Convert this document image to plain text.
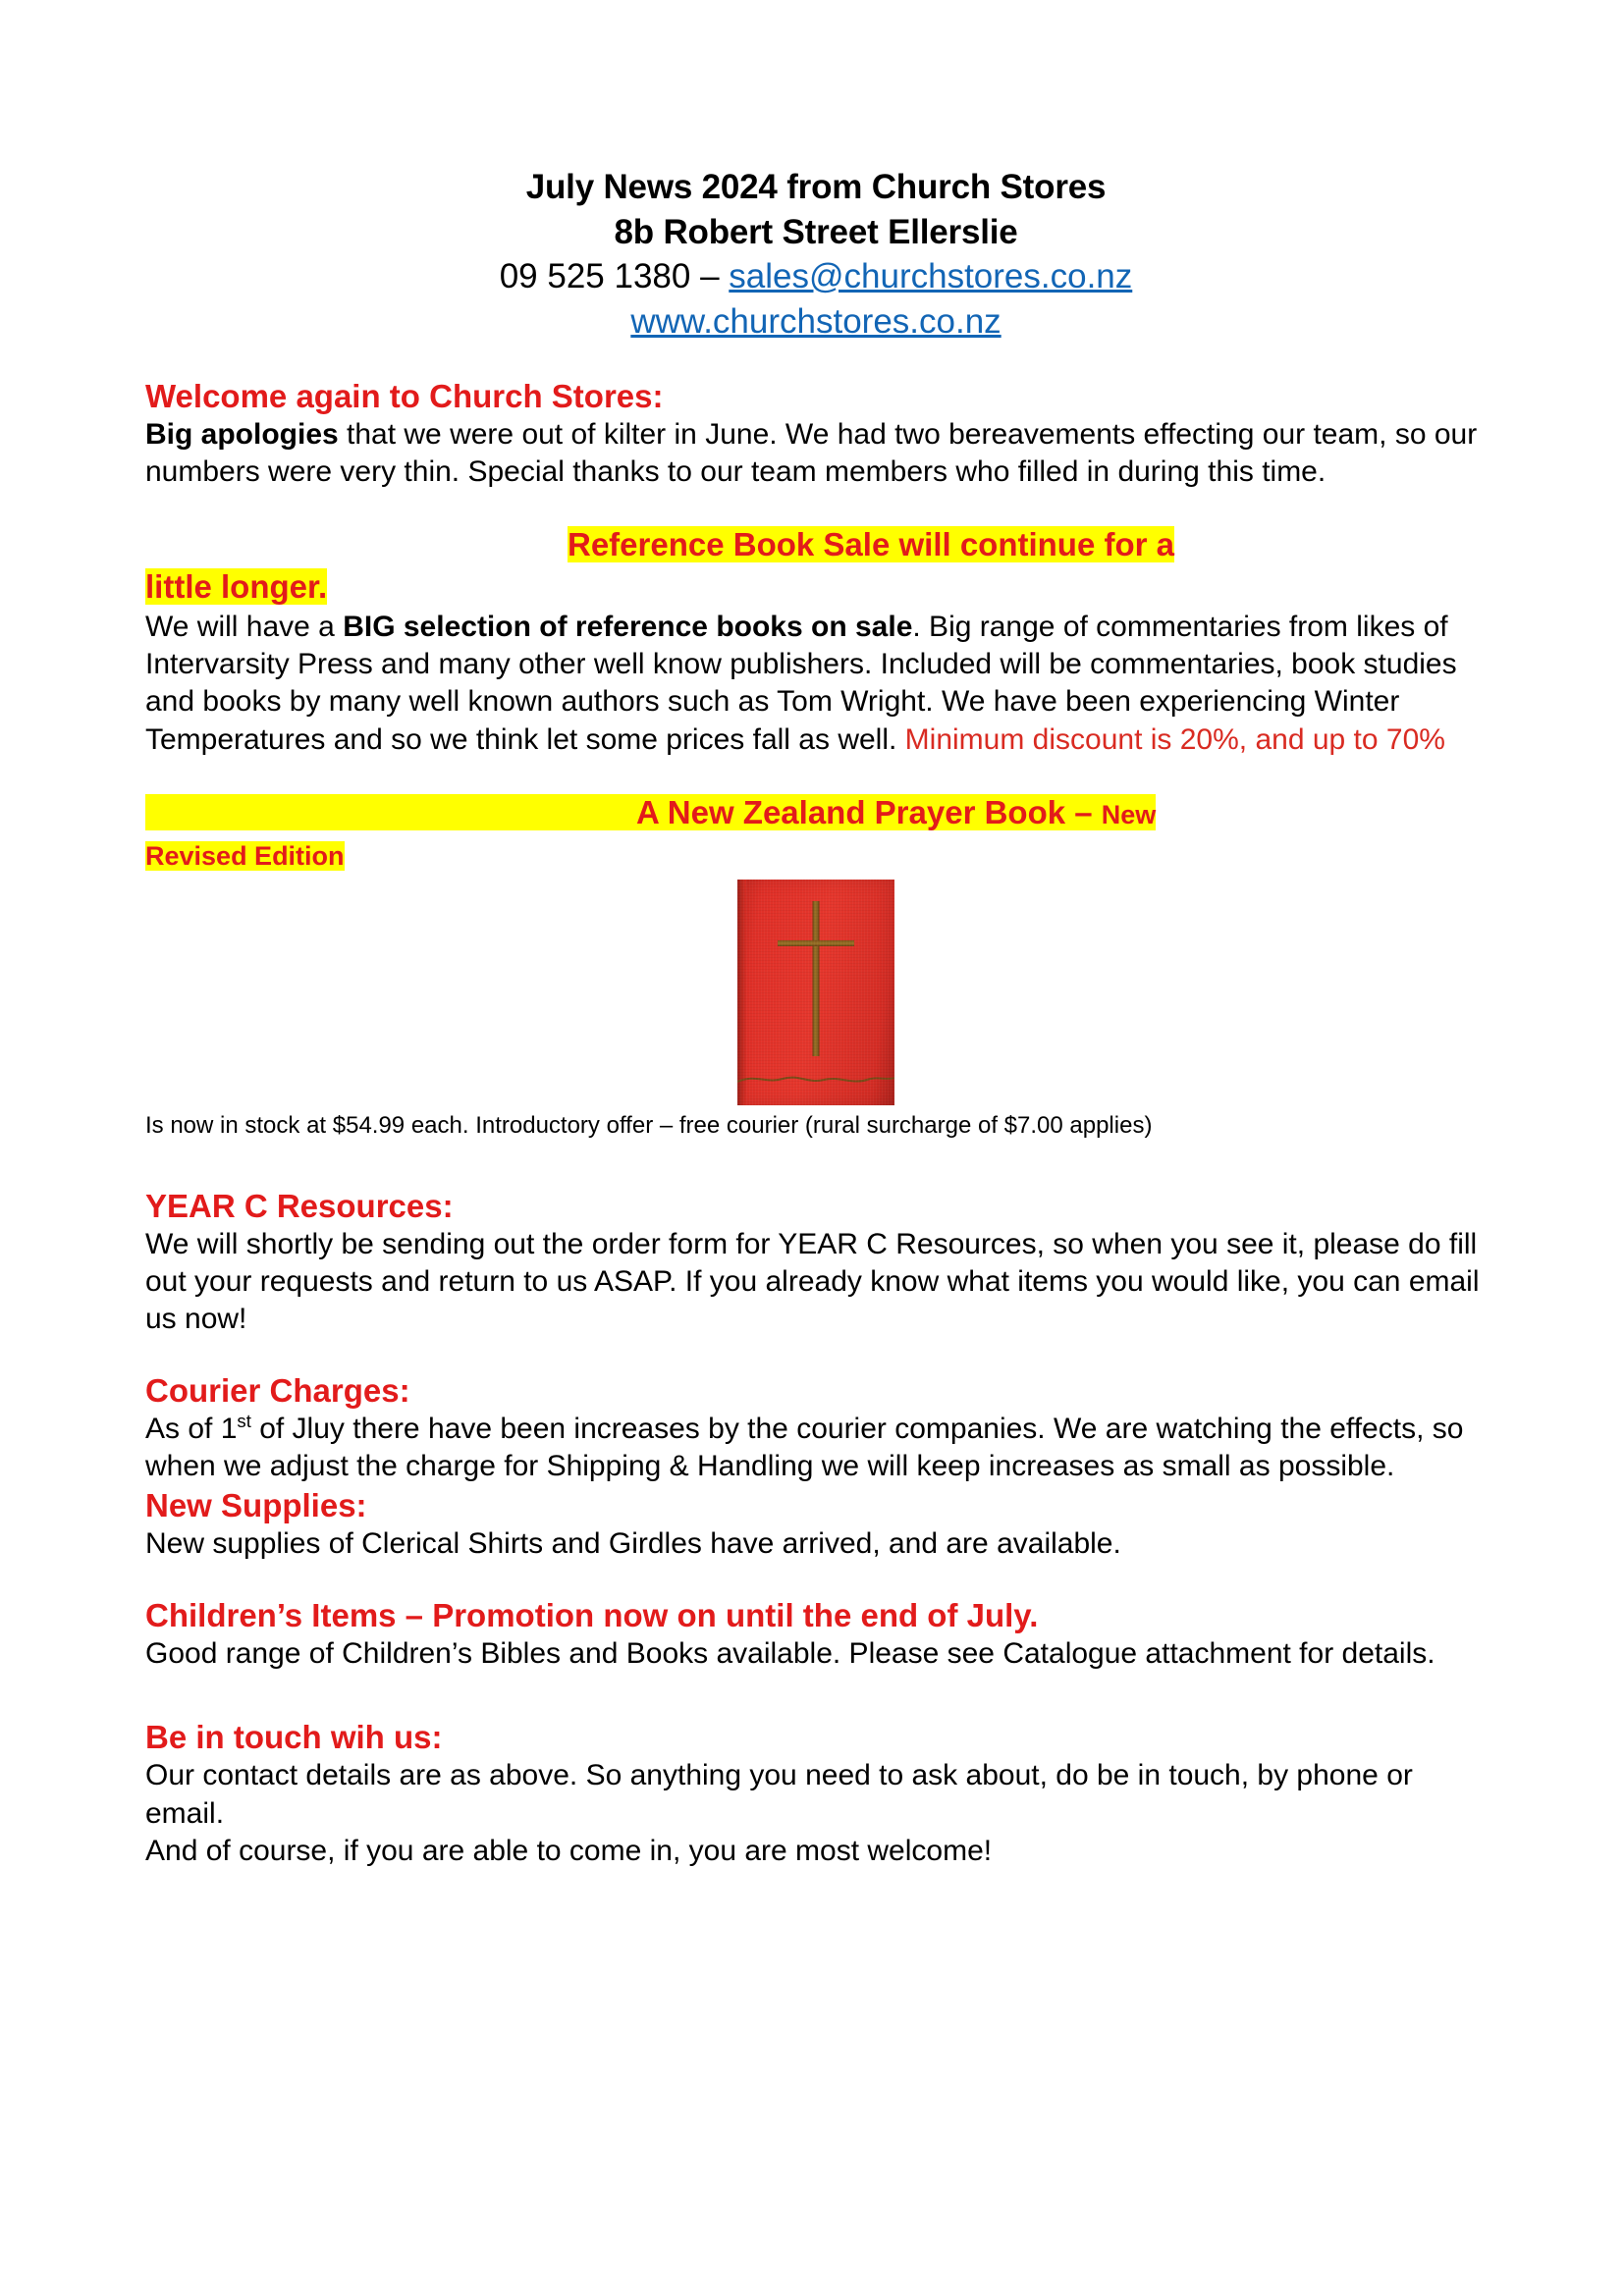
July News 2024 from Church Stores
8b Robert Street Ellerslie
09 525 1380 – sales@churchstores.co.nz
www.churchstores.co.nz
Welcome again to Church Stores:

Big apologies that we were out of kilter in June. We had two bereavements effecting our team, so our numbers were very thin. Special thanks to our team members who filled in during this time.

Reference Book Sale will continue for a
little longer.

We will have a BIG selection of reference books on sale. Big range of commentaries from likes of Intervarsity Press and many other well know publishers. Included will be commentaries, book studies and books by many well known authors such as Tom Wright. We have been experiencing Winter Temperatures and so we think let some prices fall as well. Minimum discount is 20%, and up to 70%

A New Zealand Prayer Book – New
Revised Edition

Is now in stock at $54.99 each. Introductory offer – free courier (rural surcharge of $7.00 applies)

YEAR C Resources:

We will shortly be sending out the order form for YEAR C Resources, so when you see it, please do fill out your requests and return to us ASAP. If you already know what items you would like, you can email us now!

Courier Charges:

As of 1st of Jluy there have been increases by the courier companies. We are watching the effects, so when we adjust the charge for Shipping & Handling we will keep increases as small as possible.

New Supplies:

New supplies of Clerical Shirts and Girdles have arrived, and are available.

Children’s Items – Promotion now on until the end of July.

Good range of Children’s Bibles and Books available. Please see Catalogue attachment for details.

Be in touch wih us:

Our contact details are as above. So anything you need to ask about, do be in touch, by phone or email.

And of course, if you are able to come in, you are most welcome!
